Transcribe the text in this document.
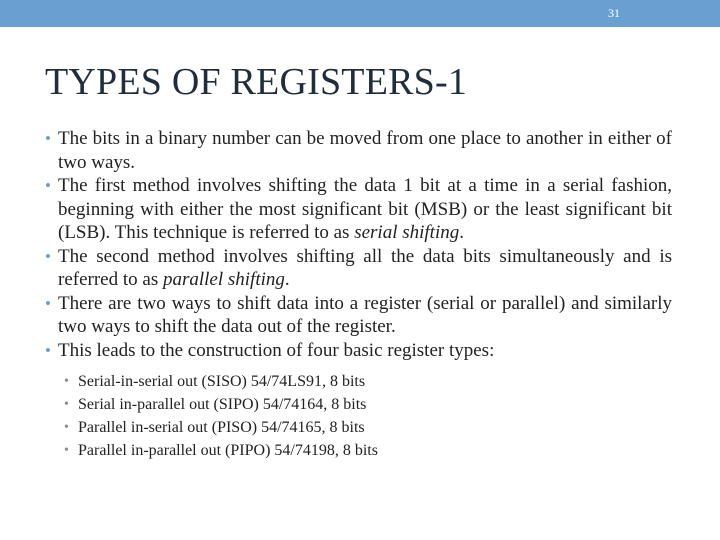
31
TYPES OF REGISTERS-1
• The bits in a binary number can be moved from one place to another in either of two ways.
• The first method involves shifting the data 1 bit at a time in a serial fashion, beginning with either the most significant bit (MSB) or the least significant bit (LSB). This technique is referred to as serial shifting.
• The second method involves shifting all the data bits simultaneously and is referred to as parallel shifting.
• There are two ways to shift data into a register (serial or parallel) and similarly two ways to shift the data out of the register.
• This leads to the construction of four basic register types:
• Serial-in-serial out (SISO) 54/74LS91, 8 bits
• Serial in-parallel out (SIPO) 54/74164, 8 bits
• Parallel in-serial out (PISO) 54/74165, 8 bits
• Parallel in-parallel out (PIPO) 54/74198, 8 bits
